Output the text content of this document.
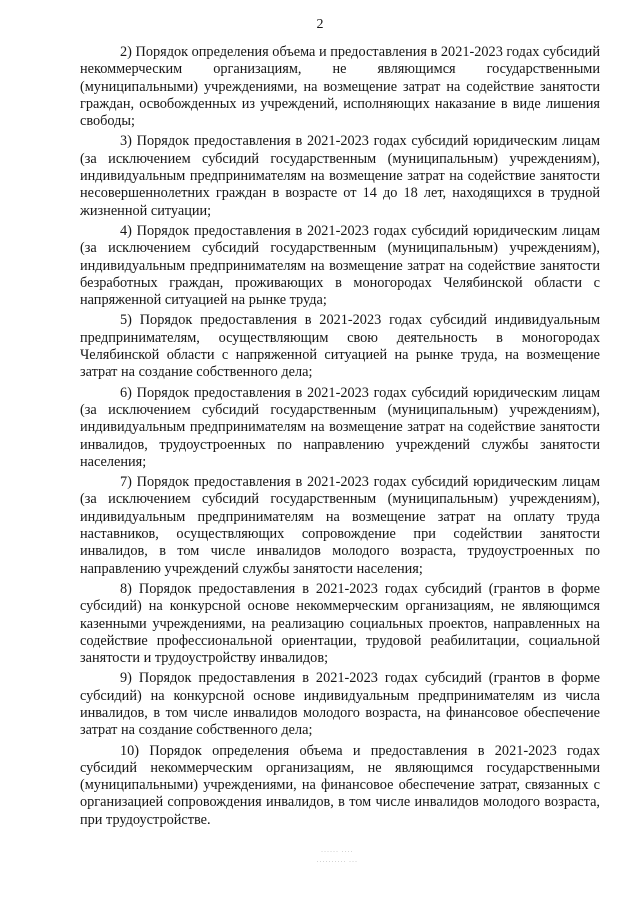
2

2) Порядок определения объема и предоставления в 2021-2023 годах субсидий некоммерческим организациям, не являющимся государственными (муниципальными) учреждениями, на возмещение затрат на содействие занятости граждан, освобожденных из учреждений, исполняющих наказание в виде лишения свободы;

3) Порядок предоставления в 2021-2023 годах субсидий юридическим лицам (за исключением субсидий государственным (муниципальным) учреждениям), индивидуальным предпринимателям на возмещение затрат на содействие занятости несовершеннолетних граждан в возрасте от 14 до 18 лет, находящихся в трудной жизненной ситуации;

4) Порядок предоставления в 2021-2023 годах субсидий юридическим лицам (за исключением субсидий государственным (муниципальным) учреждениям), индивидуальным предпринимателям на возмещение затрат на содействие занятости безработных граждан, проживающих в моногородах Челябинской области с напряженной ситуацией на рынке труда;

5) Порядок предоставления в 2021-2023 годах субсидий индивидуальным предпринимателям, осуществляющим свою деятельность в моногородах Челябинской области с напряженной ситуацией на рынке труда, на возмещение затрат на создание собственного дела;

6) Порядок предоставления в 2021-2023 годах субсидий юридическим лицам (за исключением субсидий государственным (муниципальным) учреждениям), индивидуальным предпринимателям на возмещение затрат на содействие занятости инвалидов, трудоустроенных по направлению учреждений службы занятости населения;

7) Порядок предоставления в 2021-2023 годах субсидий юридическим лицам (за исключением субсидий государственным (муниципальным) учреждениям), индивидуальным предпринимателям на возмещение затрат на оплату труда наставников, осуществляющих сопровождение при содействии занятости инвалидов, в том числе инвалидов молодого возраста, трудоустроенных по направлению учреждений службы занятости населения;

8) Порядок предоставления в 2021-2023 годах субсидий (грантов в форме субсидий) на конкурсной основе некоммерческим организациям, не являющимся казенными учреждениями, на реализацию социальных проектов, направленных на содействие профессиональной ориентации, трудовой реабилитации, социальной занятости и трудоустройству инвалидов;

9) Порядок предоставления в 2021-2023 годах субсидий (грантов в форме субсидий) на конкурсной основе индивидуальным предпринимателям из числа инвалидов, в том числе инвалидов молодого возраста, на финансовое обеспечение затрат на создание собственного дела;

10) Порядок определения объема и предоставления в 2021-2023 годах субсидий некоммерческим организациям, не являющимся государственными (муниципальными) учреждениями, на финансовое обеспечение затрат, связанных с организацией сопровождения инвалидов, в том числе инвалидов молодого возраста, при трудоустройстве.

․․․․․․ ․․․․
․․․․․․․․․․ ․․․
